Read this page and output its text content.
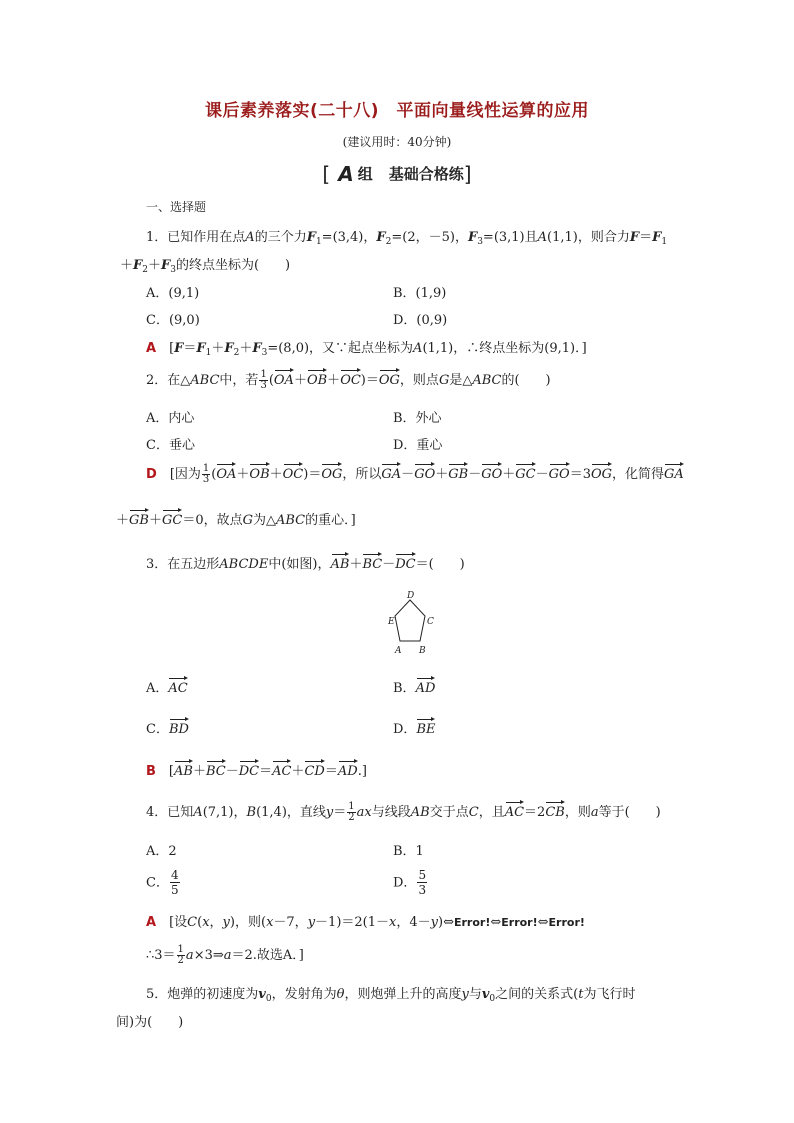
课后素养落实(二十八)　平面向量线性运算的应用
(建议用时：40分钟)
[ A 组 基础合格练]
一、选择题
1．已知作用在点A的三个力$F_1=(3,4)$，$F_2=(2$，－5)，$F_3=(3,1)$且A(1,1)，则合力$F=F_1$
$+F_2+F_3$的终点坐标为(　　)
A．(9,1)	B．(1,9)
C．(9,0)	D．(0,9)
A　[$F=F_1+F_2+F_3=(8,0)$，又∵起点坐标为A(1,1)，∴终点坐标为(9,1)．]
2．在△ABC中，若 $\frac{1}{3} (OA+OB+OC)=OG$，则点G是△ABC的(　　)
A．内心	B．外心
C．垂心	D．重心
D　 [因为 $\frac{1}{3} (OA+OB+OC)=OG$，所以GA－GO＋GB－GO＋GC－GO＝3OG，化简得GA
＋GB＋GC＝0，故点G为△ABC的重心．]
3．在五边形ABCDE中(如图)，AB＋BC－DC＝(　　)
D
C
E
A B
A．AC	B．AD
C．BD	D．BE
B　[AB＋BC－DC＝AC＋CD＝AD.]
4．已知A(7,1)，B(1,4)，直线$y= \frac{1}{2}$ ax与线段AB交于点C，且AC＝2CB，则a等于(　　)
A．2	B．1
C． $\frac{4}{5}$	D． $\frac{5}{3}$
A　 [设C(x，y)，则(x－7，y－1)＝2(1－x，4－y)⇔Error!⇔Error!⇔Error!
∴3＝ $\frac{1}{2}$ a×3⇒a＝2.故选A．]
5．炮弹的初速度为$v_0$，发射角为θ，则炮弹上升的高度y与$v_0$之间的关系式(t为飞行时
间)为(　　)
